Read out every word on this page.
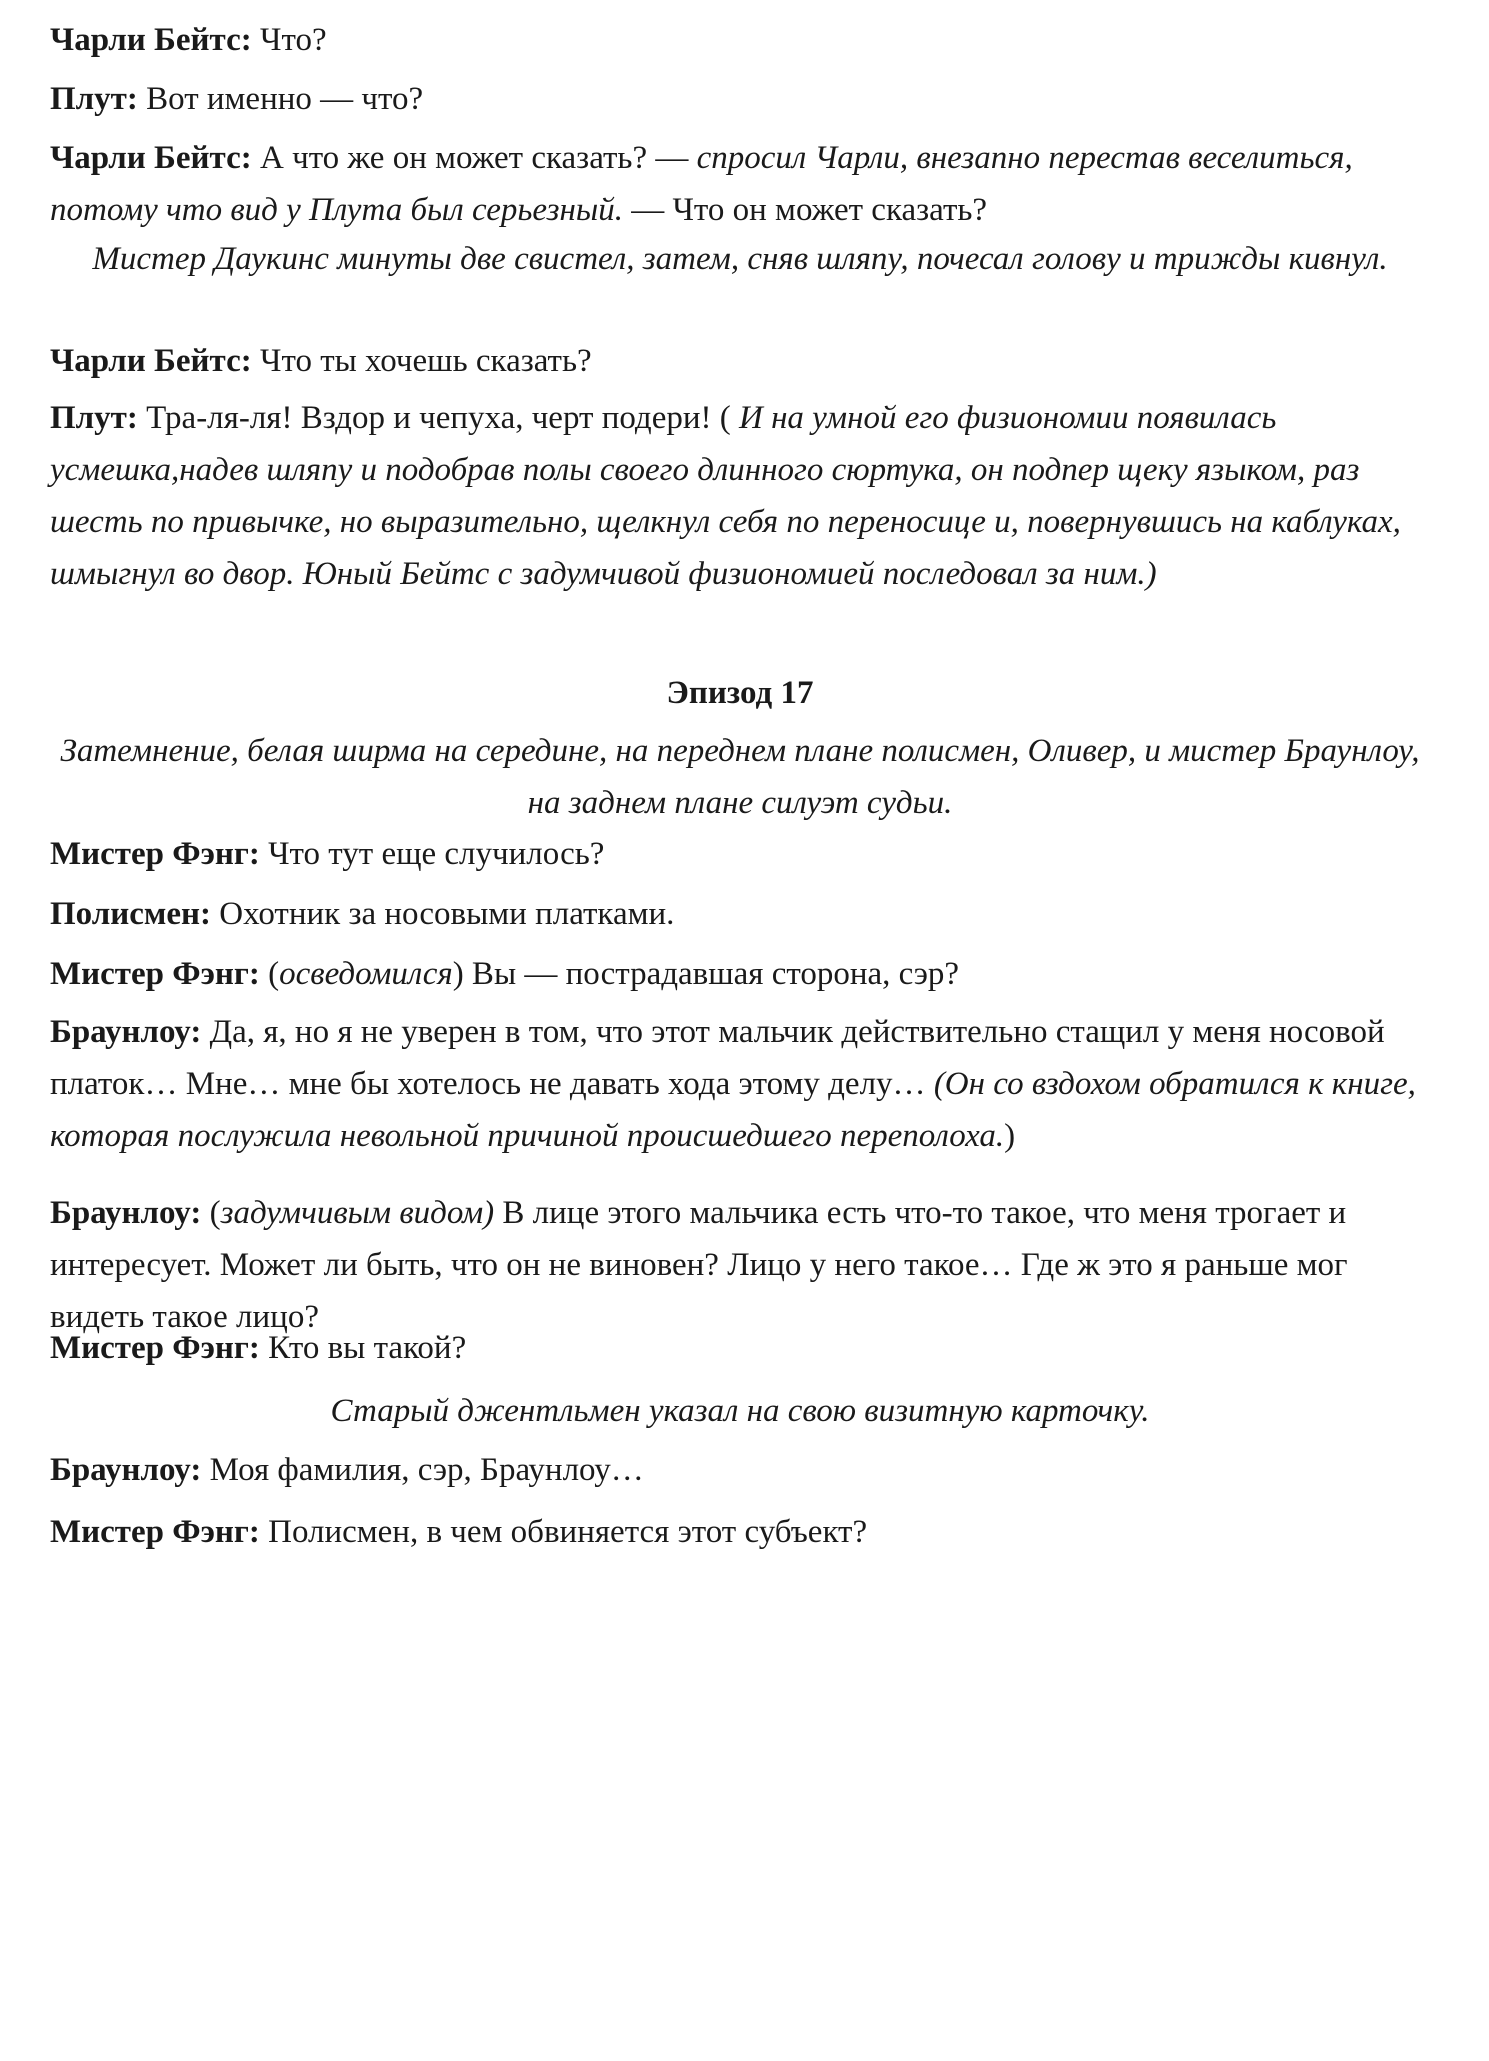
Чарли Бейтс: Что?

Плут: Вот именно — что?

Чарли Бейтс: А что же он может сказать? — спросил Чарли, внезапно перестав веселиться, потому что вид у Плута был серьезный. — Что он может сказать?

Мистер Даукинс минуты две свистел, затем, сняв шляпу, почесал голову и трижды кивнул.

Чарли Бейтс: Что ты хочешь сказать?

Плут: Тра-ля-ля! Вздор и чепуха, черт подери! ( И на умной его физиономии появилась усмешка,надев шляпу и подобрав полы своего длинного сюртука, он подпер щеку языком, раз шесть по привычке, но выразительно, щелкнул себя по переносице и, повернувшись на каблуках, шмыгнул во двор. Юный Бейтс с задумчивой физиономией последовал за ним.)

Эпизод 17

Затемнение, белая ширма на середине, на переднем плане полисмен, Оливер, и мистер Браунлоу, на заднем плане силуэт судьи.

Мистер Фэнг: Что тут еще случилось?

Полисмен: Охотник за носовыми платками.

Мистер Фэнг: (осведомился) Вы — пострадавшая сторона, сэр?

Браунлоу: Да, я, но я не уверен в том, что этот мальчик действительно стащил у меня носовой платок… Мне… мне бы хотелось не давать хода этому делу… (Он со вздохом обратился к книге, которая послужила невольной причиной происшедшего переполоха.)

Браунлоу: (задумчивым видом) В лице этого мальчика есть что-то такое, что меня трогает и интересует. Может ли быть, что он не виновен? Лицо у него такое… Где ж это я раньше мог видеть такое лицо?

Мистер Фэнг: Кто вы такой?

Старый джентльмен указал на свою визитную карточку.

Браунлоу: Моя фамилия, сэр, Браунлоу…

Мистер Фэнг: Полисмен, в чем обвиняется этот субъект?
